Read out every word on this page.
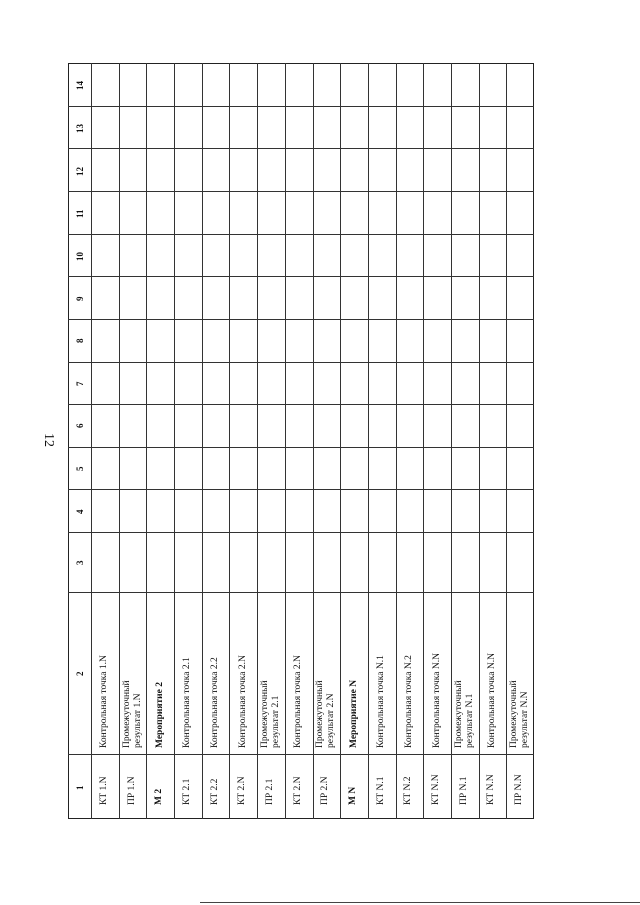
12
1
2
3
4
5
6
7
8
9
10
11
12
13
14
КТ 1.N
Контрольная точка 1.N
ПР 1.N
Промежуточный результат 1.N
М 2
Мероприятие 2
КТ 2.1
Контрольная точка 2.1
КТ 2.2
Контрольная точка 2.2
КТ 2.N
Контрольная точка 2.N
ПР 2.1
Промежуточный результат 2.1
КТ 2.N
Контрольная точка 2.N
ПР 2.N
Промежуточный результат 2.N
М N
Мероприятие N
КТ N.1
Контрольная точка N.1
КТ N.2
Контрольная точка N.2
КТ N.N
Контрольная точка N.N
ПР N.1
Промежуточный результат N.1
КТ N.N
Контрольная точка N.N
ПР N.N
Промежуточный результат N.N
